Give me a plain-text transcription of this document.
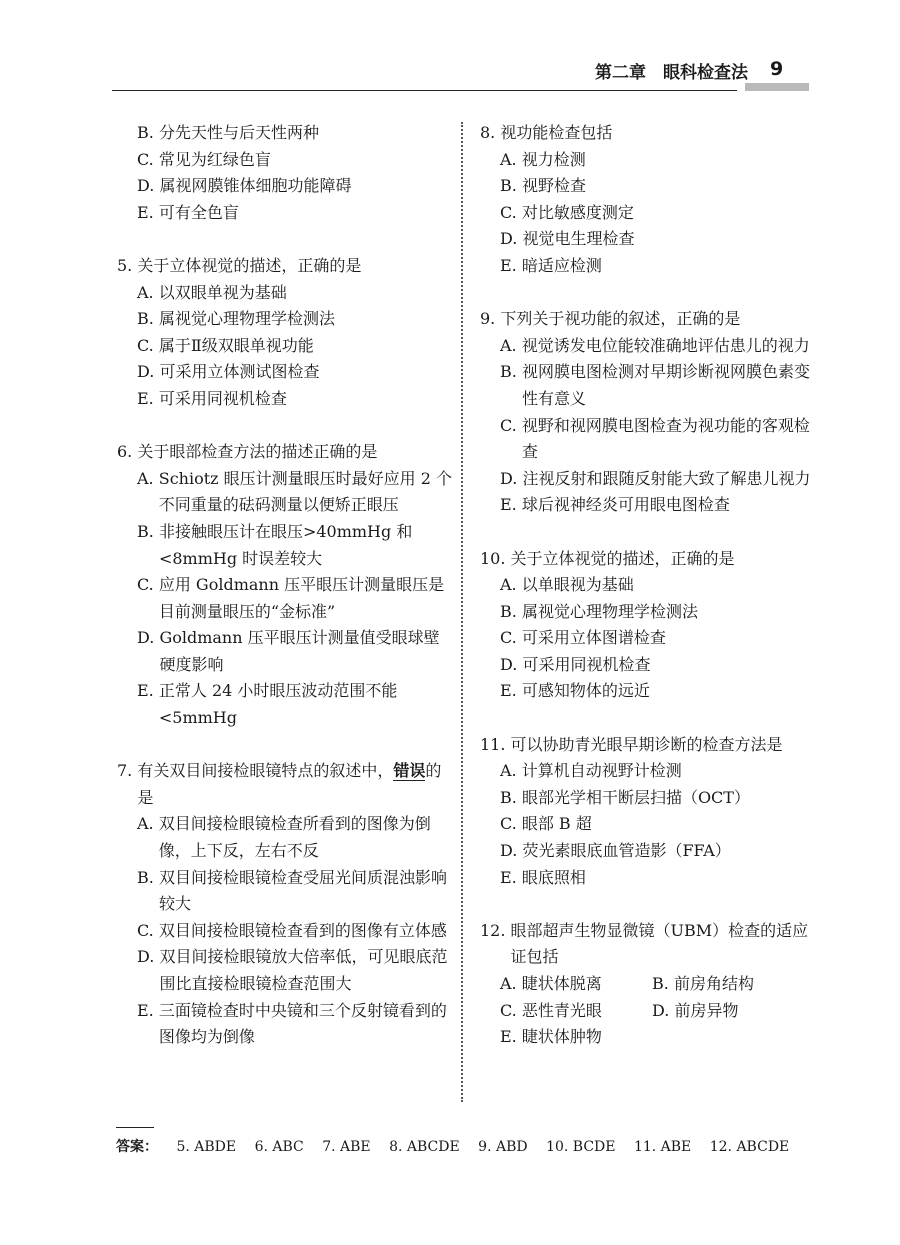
第二章　眼科检查法 9
B. 分先天性与后天性两种
C. 常见为红绿色盲
D. 属视网膜锥体细胞功能障碍
E. 可有全色盲
5. 关于立体视觉的描述，正确的是
A. 以双眼单视为基础
B. 属视觉心理物理学检测法
C. 属于Ⅱ级双眼单视功能
D. 可采用立体测试图检查
E. 可采用同视机检查
6. 关于眼部检查方法的描述正确的是
A. Schiotz 眼压计测量眼压时最好应用 2 个不同重量的砝码测量以便矫正眼压
B. 非接触眼压计在眼压>40mmHg 和 <8mmHg 时误差较大
C. 应用 Goldmann 压平眼压计测量眼压是目前测量眼压的“金标准”
D. Goldmann 压平眼压计测量值受眼球壁硬度影响
E. 正常人 24 小时眼压波动范围不能 <5mmHg
7. 有关双目间接检眼镜特点的叙述中，错误的是
A. 双目间接检眼镜检查所看到的图像为倒像，上下反，左右不反
B. 双目间接检眼镜检查受屈光间质混浊影响较大
C. 双目间接检眼镜检查看到的图像有立体感
D. 双目间接检眼镜放大倍率低，可见眼底范围比直接检眼镜检查范围大
E. 三面镜检查时中央镜和三个反射镜看到的图像均为倒像
8. 视功能检查包括
A. 视力检测
B. 视野检查
C. 对比敏感度测定
D. 视觉电生理检查
E. 暗适应检测
9. 下列关于视功能的叙述，正确的是
A. 视觉诱发电位能较准确地评估患儿的视力
B. 视网膜电图检测对早期诊断视网膜色素变性有意义
C. 视野和视网膜电图检查为视功能的客观检查
D. 注视反射和跟随反射能大致了解患儿视力
E. 球后视神经炎可用眼电图检查
10. 关于立体视觉的描述，正确的是
A. 以单眼视为基础
B. 属视觉心理物理学检测法
C. 可采用立体图谱检查
D. 可采用同视机检查
E. 可感知物体的远近
11. 可以协助青光眼早期诊断的检查方法是
A. 计算机自动视野计检测
B. 眼部光学相干断层扫描（OCT）
C. 眼部 B 超
D. 荧光素眼底血管造影（FFA）
E. 眼底照相
12. 眼部超声生物显微镜（UBM）检查的适应证包括
A. 睫状体脱离	B. 前房角结构
C. 恶性青光眼	D. 前房异物
E. 睫状体肿物
答案： 5. ABDE 6. ABC 7. ABE 8. ABCDE 9. ABD 10. BCDE 11. ABE 12. ABCDE
